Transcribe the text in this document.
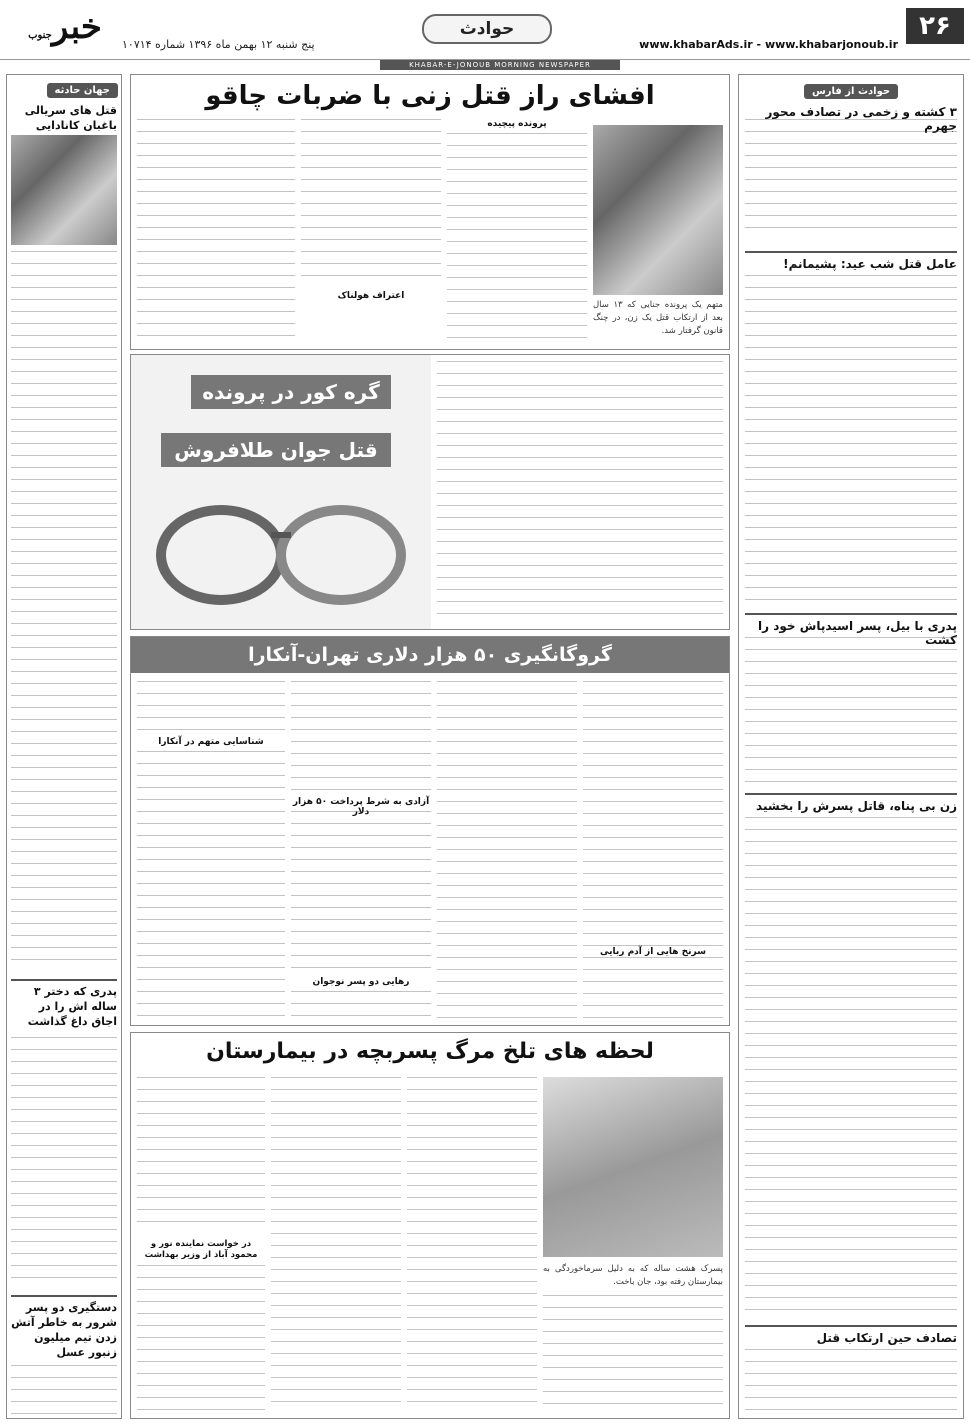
۲۶
www.khabarAds.ir - www.khabarjonoub.ir
حوادث
خبرجنوب
پنج شنبه ۱۲ بهمن ماه ۱۳۹۶ شماره ۱۰۷۱۴
KHABAR-E-JONOUB MORNING NEWSPAPER
حوادث از فارس
۳ کشته و زخمی در تصادف محور جهرم
عامل قتل شب عید: پشیمانم!
پدری با بیل، پسر اسیدپاش خود را کشت
زن بی پناه، قاتل پسرش را بخشید
تصادف حین ارتکاب قتل
جهان حادثه
قتل های سریالی باغبان کانادایی
پدری که دختر ۳ ساله اش را در اجاق داغ گذاشت
دستگیری دو پسر شرور به خاطر آتش زدن تیم میلیون زنبور عسل
افشای راز قتل زنی با ضربات چاقو
متهم یک پرونده جنایی که ۱۳ سال بعد از ارتکاب قتل یک زن، در چنگ قانون گرفتار شد.
پرونده پیچیده
اعتراف هولناک
گره کور در پرونده
قتل جوان طلافروش
گروگانگیری ۵۰ هزار دلاری تهران-آنکارا
آزادی به شرط پرداخت ۵۰ هزار دلار
شناسایی متهم در آنکارا
سرنخ هایی از آدم ربایی
رهایی دو پسر نوجوان
لحظه های تلخ مرگ پسربچه در بیمارستان
پسرک هشت ساله که به دلیل سرماخوردگی به بیمارستان رفته بود، جان باخت.
در خواست نماینده نور و محمود آباد از وزیر بهداشت
